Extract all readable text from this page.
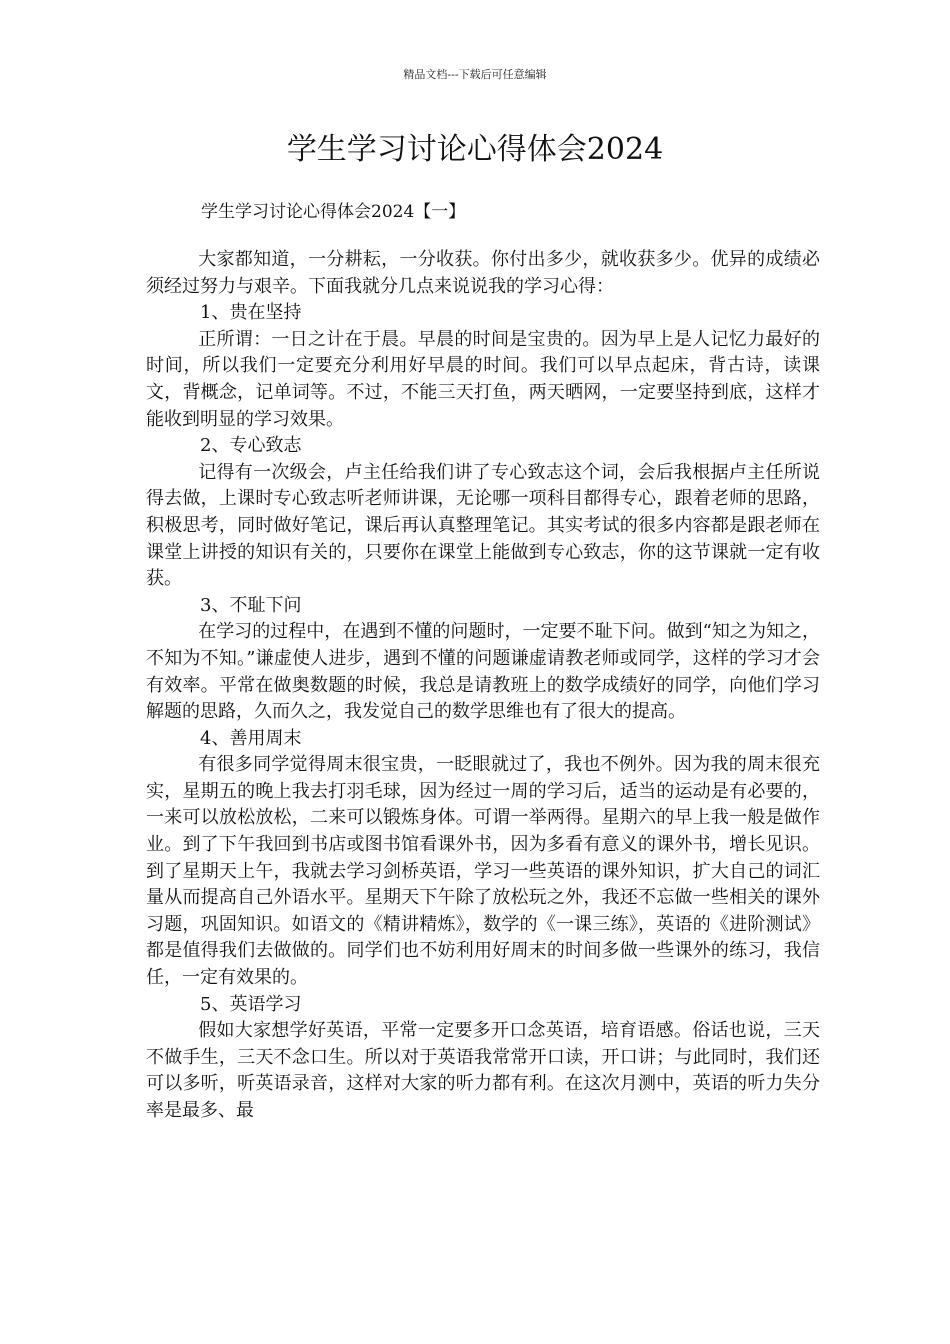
精品文档---下载后可任意编辑
学生学习讨论心得体会2024

学生学习讨论心得体会2024【一】

大家都知道，一分耕耘，一分收获。你付出多少，就收获多少。优异的成绩必须经过努力与艰辛。下面我就分几点来说说我的学习心得：

1、贵在坚持

正所谓：一日之计在于晨。早晨的时间是宝贵的。因为早上是人记忆力最好的时间，所以我们一定要充分利用好早晨的时间。我们可以早点起床，背古诗，读课文，背概念，记单词等。不过，不能三天打鱼，两天晒网，一定要坚持到底，这样才能收到明显的学习效果。

2、专心致志

记得有一次级会，卢主任给我们讲了专心致志这个词，会后我根据卢主任所说得去做，上课时专心致志听老师讲课，无论哪一项科目都得专心，跟着老师的思路，积极思考，同时做好笔记，课后再认真整理笔记。其实考试的很多内容都是跟老师在课堂上讲授的知识有关的，只要你在课堂上能做到专心致志，你的这节课就一定有收获。

3、不耻下问

在学习的过程中，在遇到不懂的问题时，一定要不耻下问。做到“知之为知之，不知为不知。”谦虚使人进步，遇到不懂的问题谦虚请教老师或同学，这样的学习才会有效率。平常在做奥数题的时候，我总是请教班上的数学成绩好的同学，向他们学习解题的思路，久而久之，我发觉自己的数学思维也有了很大的提高。

4、善用周末

有很多同学觉得周末很宝贵，一眨眼就过了，我也不例外。因为我的周末很充实，星期五的晚上我去打羽毛球，因为经过一周的学习后，适当的运动是有必要的，一来可以放松放松，二来可以锻炼身体。可谓一举两得。星期六的早上我一般是做作业。到了下午我回到书店或图书馆看课外书，因为多看有意义的课外书，增长见识。到了星期天上午，我就去学习剑桥英语，学习一些英语的课外知识，扩大自己的词汇量从而提高自己外语水平。星期天下午除了放松玩之外，我还不忘做一些相关的课外习题，巩固知识。如语文的《精讲精炼》，数学的《一课三练》，英语的《进阶测试》都是值得我们去做做的。同学们也不妨利用好周末的时间多做一些课外的练习，我信任，一定有效果的。

5、英语学习

假如大家想学好英语，平常一定要多开口念英语，培育语感。俗话也说，三天不做手生，三天不念口生。所以对于英语我常常开口读，开口讲；与此同时，我们还可以多听，听英语录音，这样对大家的听力都有利。在这次月测中，英语的听力失分率是最多、最
